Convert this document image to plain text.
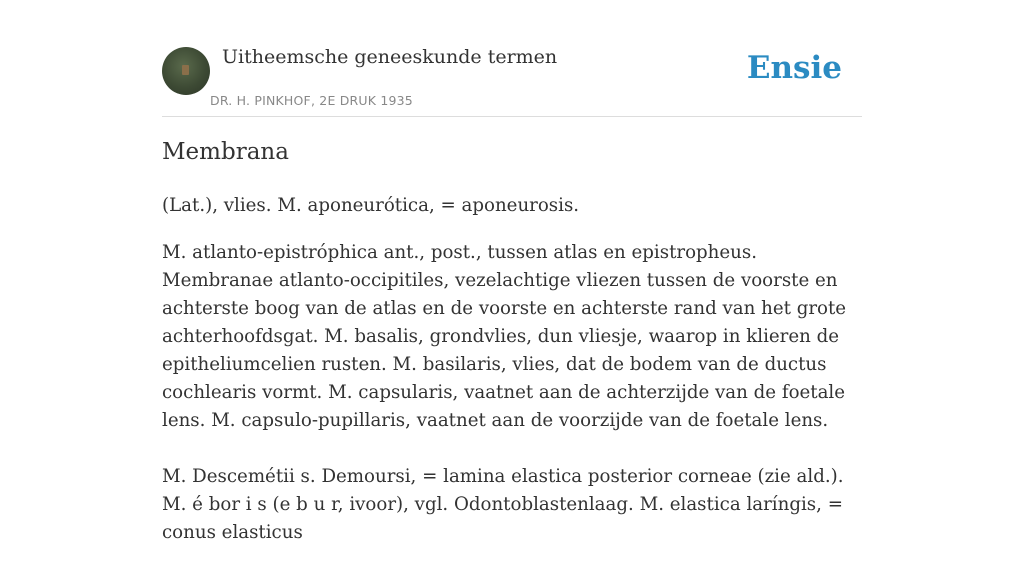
Uitheemsche geneeskunde termen
DR. H. PINKHOF, 2E DRUK 1935
Ensie
Membrana

(Lat.), vlies. M. aponeurótica, = aponeurosis.

M. atlanto-epistróphica ant., post., tussen atlas en epistropheus. Membranae atlanto-occipitiles, vezelachtige vliezen tussen de voorste en achterste boog van de atlas en de voorste en achterste rand van het grote achterhoofdsgat. M. basalis, grondvlies, dun vliesje, waarop in klieren de epitheliumcelien rusten. M. basilaris, vlies, dat de bodem van de ductus cochlearis vormt. M. capsularis, vaatnet aan de achterzijde van de foetale lens. M. capsulo-pupillaris, vaatnet aan de voorzijde van de foetale lens.

M. Descemétii s. Demoursi, = lamina elastica posterior corneae (zie ald.). M. é bor i s (e b u r, ivoor), vgl. Odontoblastenlaag. M. elastica laríngis, = conus elasticus
